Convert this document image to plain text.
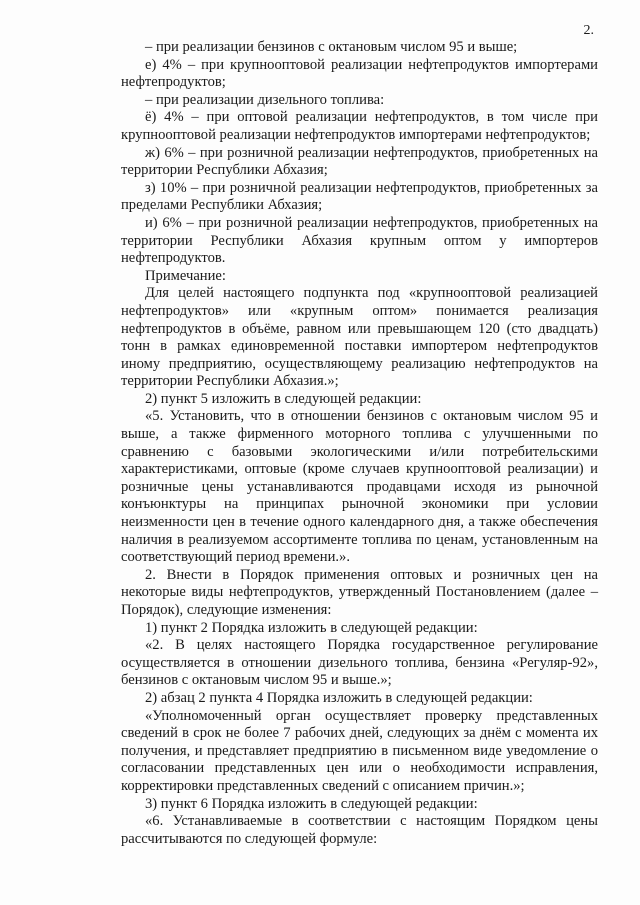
2.

– при реализации бензинов с октановым числом 95 и выше;

е) 4% – при крупнооптовой реализации нефтепродуктов импортерами нефтепродуктов;

– при реализации дизельного топлива:

ё) 4% – при оптовой реализации нефтепродуктов, в том числе при крупнооптовой реализации нефтепродуктов импортерами нефтепродуктов;

ж) 6% – при розничной реализации нефтепродуктов, приобретенных на территории Республики Абхазия;

з) 10% – при розничной реализации нефтепродуктов, приобретенных за пределами Республики Абхазия;

и) 6% – при розничной реализации нефтепродуктов, приобретенных на территории Республики Абхазия крупным оптом у импортеров нефтепродуктов.

Примечание:

Для целей настоящего подпункта под «крупнооптовой реализацией нефтепродуктов» или «крупным оптом» понимается реализация нефтепродуктов в объёме, равном или превышающем 120 (сто двадцать) тонн в рамках единовременной поставки импортером нефтепродуктов иному предприятию, осуществляющему реализацию нефтепродуктов на территории Республики Абхазия.»;

2) пункт 5 изложить в следующей редакции:

«5. Установить, что в отношении бензинов с октановым числом 95 и выше, а также фирменного моторного топлива с улучшенными по сравнению с базовыми экологическими и/или потребительскими характеристиками, оптовые (кроме случаев крупнооптовой реализации) и розничные цены устанавливаются продавцами исходя из рыночной конъюнктуры на принципах рыночной экономики при условии неизменности цен в течение одного календарного дня, а также обеспечения наличия в реализуемом ассортименте топлива по ценам, установленным на соответствующий период времени.».

2. Внести в Порядок применения оптовых и розничных цен на некоторые виды нефтепродуктов, утвержденный Постановлением (далее – Порядок), следующие изменения:

1) пункт 2 Порядка изложить в следующей редакции:

«2. В целях настоящего Порядка государственное регулирование осуществляется в отношении дизельного топлива, бензина «Регуляр-92», бензинов с октановым числом 95 и выше.»;

2) абзац 2 пункта 4 Порядка изложить в следующей редакции:

«Уполномоченный орган осуществляет проверку представленных сведений в срок не более 7 рабочих дней, следующих за днём с момента их получения, и представляет предприятию в письменном виде уведомление о согласовании представленных цен или о необходимости исправления, корректировки представленных сведений с описанием причин.»;

3) пункт 6 Порядка изложить в следующей редакции:

«6. Устанавливаемые в соответствии с настоящим Порядком цены рассчитываются по следующей формуле:
